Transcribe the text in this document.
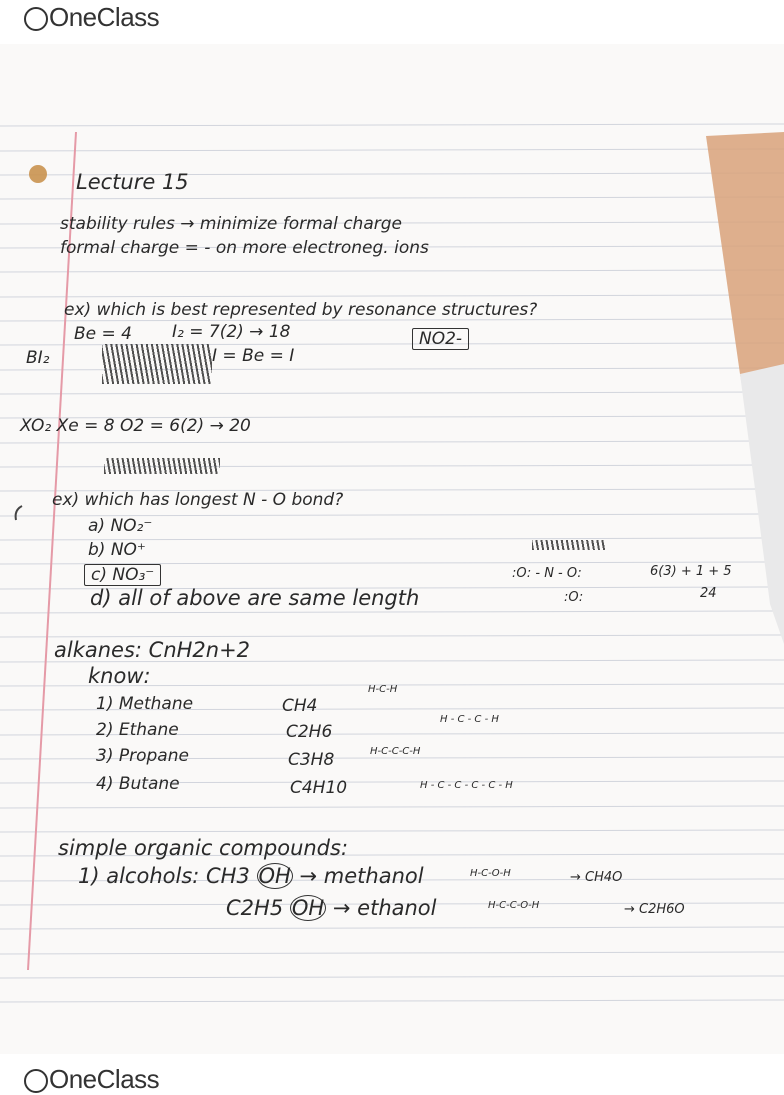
OneClass
Lecture 15
stability rules → minimize formal charge
formal charge = - on more electroneg. ions
ex) which is best represented by resonance structures?
Be = 4 I₂ = 7(2) → 18	NO2-
BI₂	I = Be = I
XO₂ Xe = 8 O2 = 6(2) → 20
ex) which has longest N - O bond?
a) NO₂⁻
b) NO⁺
c) NO₃⁻
d) all of above are same length
:O: - N - O:
:O:
6(3) + 1 + 5
24
alkanes: CnH2n+2
know:
1) Methane	CH4
2) Ethane	C2H6
3) Propane	C3H8
4) Butane	C4H10
H-C-H
H - C - C - H
H-C-C-C-H
H - C - C - C - C - H
simple organic compounds:
1) alcohols: CH3 OH → methanol
C2H5 OH → ethanol
H-C-O-H	→ CH4O
H-C-C-O-H	→ C2H6O
OneClass
